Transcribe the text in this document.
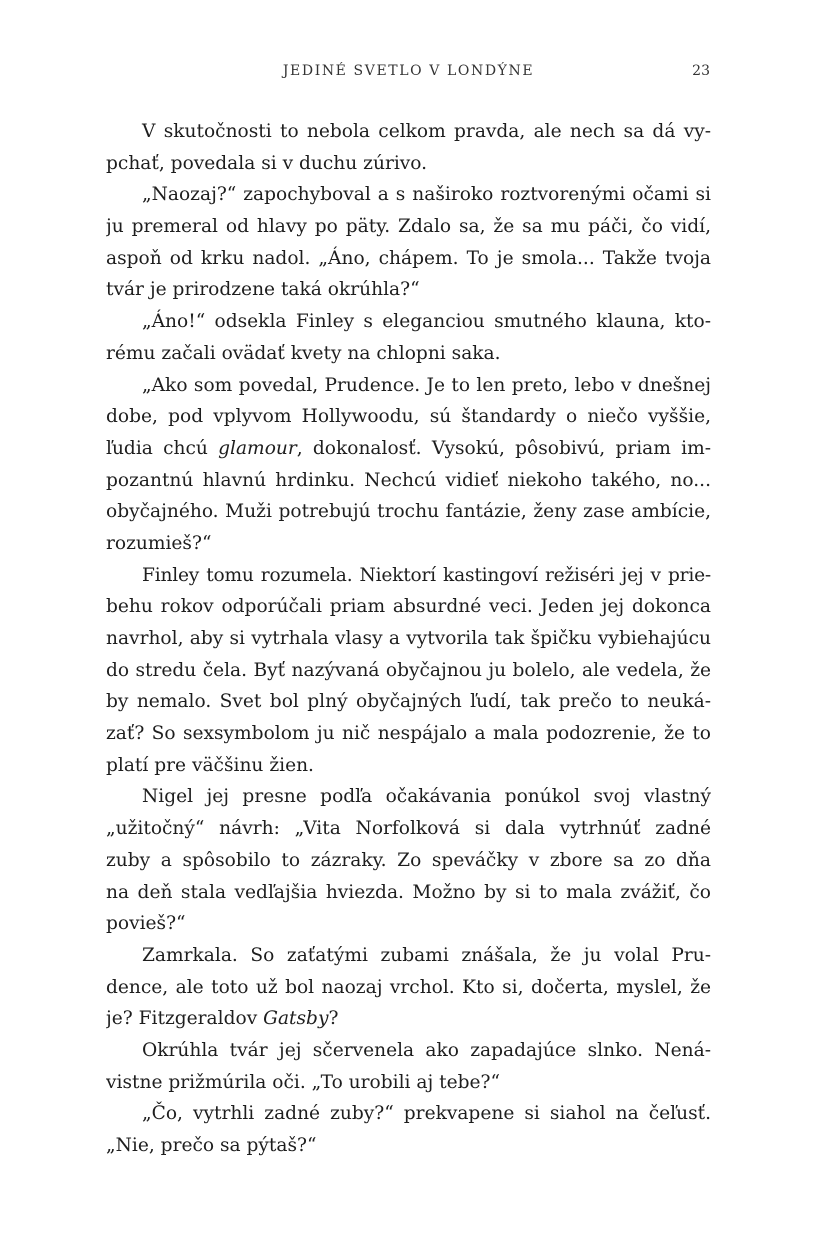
JEDINÉ SVETLO V LONDÝNE	23
V skutočnosti to nebola celkom pravda, ale nech sa dá vy-
pchať, povedala si v duchu zúrivo.
„Naozaj?“ zapochyboval a s naširoko roztvorenými očami si
ju premeral od hlavy po päty. Zdalo sa, že sa mu páči, čo vidí,
aspoň od krku nadol. „Áno, chápem. To je smola... Takže tvoja
tvár je prirodzene taká okrúhla?“
„Áno!“ odsekla Finley s eleganciou smutného klauna, kto-
rému začali ovädať kvety na chlopni saka.
„Ako som povedal, Prudence. Je to len preto, lebo v dnešnej
dobe, pod vplyvom Hollywoodu, sú štandardy o niečo vyššie,
ľudia chcú glamour, dokonalosť. Vysokú, pôsobivú, priam im-
pozantnú hlavnú hrdinku. Nechcú vidieť niekoho takého, no...
obyčajného. Muži potrebujú trochu fantázie, ženy zase ambície,
rozumieš?“
Finley tomu rozumela. Niektorí kastingoví režiséri jej v prie-
behu rokov odporúčali priam absurdné veci. Jeden jej dokonca
navrhol, aby si vytrhala vlasy a vytvorila tak špičku vybiehajúcu
do stredu čela. Byť nazývaná obyčajnou ju bolelo, ale vedela, že
by nemalo. Svet bol plný obyčajných ľudí, tak prečo to neuká-
zať? So sexsymbolom ju nič nespájalo a mala podozrenie, že to
platí pre väčšinu žien.
Nigel jej presne podľa očakávania ponúkol svoj vlastný
„užitočný“ návrh: „Vita Norfolková si dala vytrhnúť zadné
zuby a spôsobilo to zázraky. Zo speváčky v zbore sa zo dňa
na deň stala vedľajšia hviezda. Možno by si to mala zvážiť, čo
povieš?“
Zamrkala. So zaťatými zubami znášala, že ju volal Pru-
dence, ale toto už bol naozaj vrchol. Kto si, dočerta, myslel, že
je? Fitzgeraldov Gatsby?
Okrúhla tvár jej sčervenela ako zapadajúce slnko. Nená-
vistne prižmúrila oči. „To urobili aj tebe?“
„Čo, vytrhli zadné zuby?“ prekvapene si siahol na čeľusť.
„Nie, prečo sa pýtaš?“
